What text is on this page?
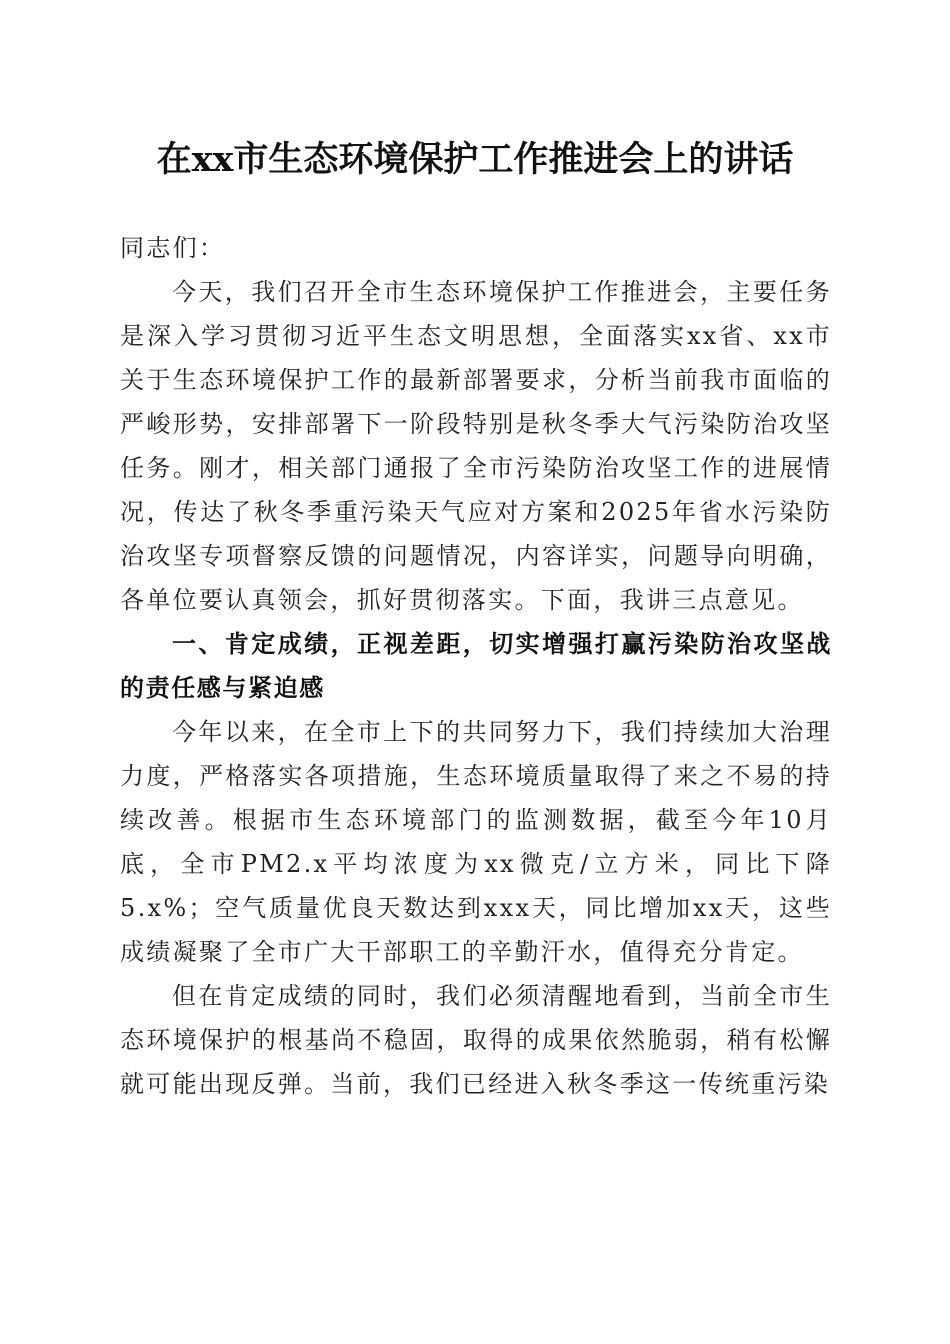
在xx市生态环境保护工作推进会上的讲话

同志们：

今天，我们召开全市生态环境保护工作推进会，主要任务是深入学习贯彻习近平生态文明思想，全面落实xx省、xx市关于生态环境保护工作的最新部署要求，分析当前我市面临的严峻形势，安排部署下一阶段特别是秋冬季大气污染防治攻坚任务。刚才，相关部门通报了全市污染防治攻坚工作的进展情况，传达了秋冬季重污染天气应对方案和2025年省水污染防治攻坚专项督察反馈的问题情况，内容详实，问题导向明确，各单位要认真领会，抓好贯彻落实。下面，我讲三点意见。

一、肯定成绩，正视差距，切实增强打赢污染防治攻坚战的责任感与紧迫感

今年以来，在全市上下的共同努力下，我们持续加大治理力度，严格落实各项措施，生态环境质量取得了来之不易的持续改善。根据市生态环境部门的监测数据，截至今年10月底，全市PM2.x平均浓度为xx微克/立方米，同比下降5.x%；空气质量优良天数达到xxx天，同比增加xx天，这些成绩凝聚了全市广大干部职工的辛勤汗水，值得充分肯定。

但在肯定成绩的同时，我们必须清醒地看到，当前全市生态环境保护的根基尚不稳固，取得的成果依然脆弱，稍有松懈就可能出现反弹。当前，我们已经进入秋冬季这一传统重污染
